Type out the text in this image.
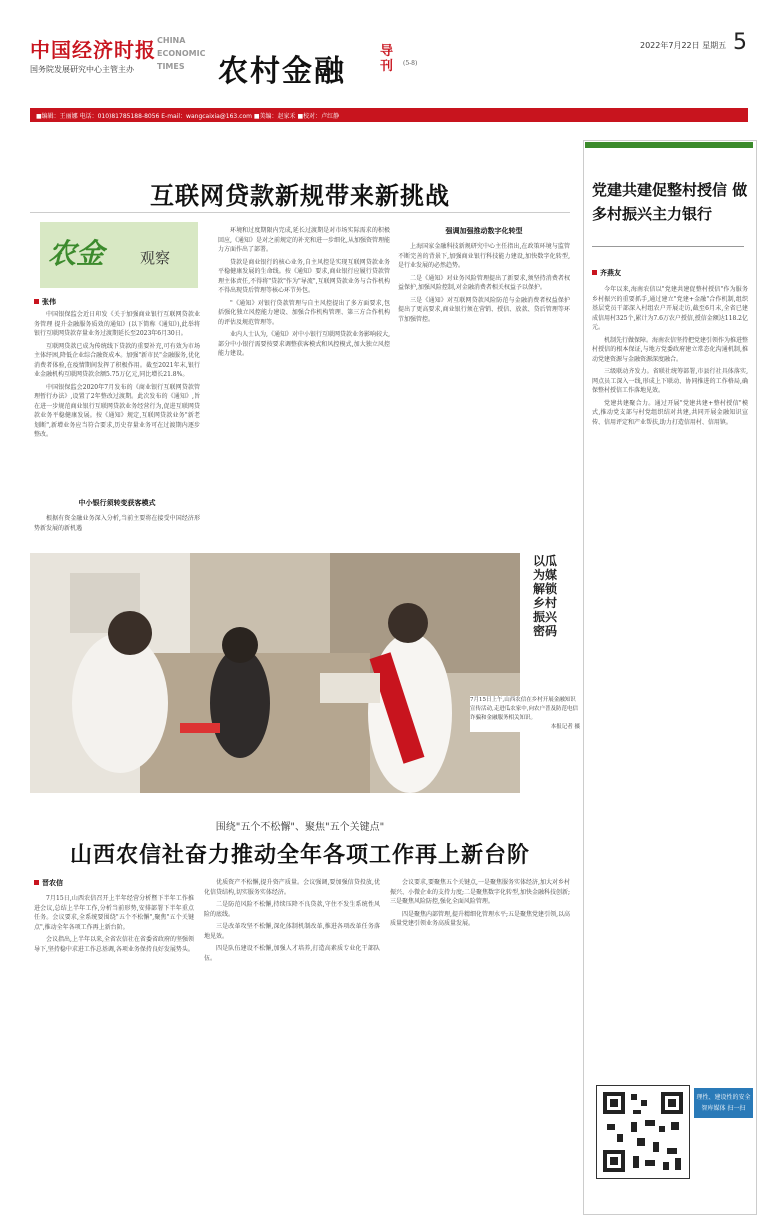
中国经济时报
国务院发展研究中心主管主办
CHINA ECONOMIC TIMES	农村金融
导刊 (5-8)
2022年7月22日 星期五 5
■编辑：王丽娜 电话：010)81785188-8056 E-mail：wangcaixia@163.com ■美编：赵家禾 ■校对：卢红静
党建共建促整村授信 做多村振兴主力银行
齐燕友

今年以来,海南农信以"党建共建促整村授信"作为服务乡村振兴的重要抓手,通过建立"党建+金融"合作机制,组织基层党员干部深入村组农户开展走访,截至6月末,全省已建成信用村325个,累计为7.6万农户授信,授信金额达118.2亿元。

机制先行做保障。海南农信坚持把党建引领作为推进整村授信的根本保证,与地方党委政府建立常态化沟通机制,推动党建资源与金融资源深度融合。

三级联动齐发力。省联社统筹部署,市县行社具体落实,网点员工深入一线,形成上下联动、协同推进的工作格局,确保整村授信工作落地见效。

党建共建聚合力。通过开展"党建共建+整村授信"模式,推动党支部与村党组织结对共建,共同开展金融知识宣传、信用评定和产业帮扶,助力打造信用村、信用镇。

理性、建设性的安全智库媒体 扫一扫
互联网贷款新规带来新挑战
农金 观察
张伟

中国银保监会近日印发《关于加强商业银行互联网贷款业务管理 提升金融服务质效的通知》(以下简称《通知》),此举将银行互联网贷款存量业务过渡期延长至2023年6月30日。

互联网贷款已成为传统线下贷款的重要补充,可有效为市场主体纾困,降低企业综合融资成本。加强"新市民"金融服务,优化消费者体验,在疫情期间发挥了积极作用。截至2021年末,银行业金融机构互联网贷款余额5.75万亿元,同比增长21.8%。

中国银保监会2020年7月发布的《商业银行互联网贷款管理暂行办法》,设置了2年整改过渡期。此次发布的《通知》,旨在进一步规范商业银行互联网贷款业务经营行为,促进互联网贷款业务平稳健康发展。按《通知》规定,互联网贷款业务"新老划断",新增业务应当符合要求,历史存量业务可在过渡期内逐步整改。

中小银行须转变获客模式

根据有资金融业务深入分析,当前主要将在接受中国经济形势新发展的新机遇

环境和过度期限内完成,延长过渡期是对市场实际需求的积极回应,《通知》是对之前规定的补充和进一步细化,从加强资管理能力方面作出了部署。

贷款是商业银行的核心业务,自主风控是实现互联网贷款业务平稳健康发展的生命线。按《通知》要求,商业银行应履行贷款管理主体责任,不得将"贷款"作为"导流",互联网贷款业务与合作机构不得出现贷后管理等核心环节外包。

"《通知》对银行贷款管理与自主风控提出了多方面要求,包括强化独立风控能力建设、加强合作机构管理、第三方合作机构的评估及规范管理等。

业内人士认为,《通知》对中小银行互联网贷款业务影响较大,部分中小银行需要按要求调整获客模式和风控模式,加大独立风控能力建设。

强调加强推动数字化转型

上海国家金融科技新规研究中心主任指出,在政策环境与监管不断完善的背景下,加强商业银行科技能力建设,加快数字化转型,是行业发展的必然趋势。

二是《通知》对业务风险管理提出了新要求,须坚持消费者权益保护,加强风险控制,对金融消费者相关权益予以保护。

三是《通知》对互联网贷款风险防范与金融消费者权益保护提出了更高要求,商业银行须在营销、授信、放款、贷后管理等环节加强管控。

以瓜为媒 解锁乡村振兴密码
7月15日上午,山西农信在乡村开展金融知识宣传活动,走进瓜农家中,向农户普及防范电信诈骗和金融服务相关知识。

本报记者 摄
围绕"五个不松懈"、聚焦"五个关键点"
山西农信社奋力推动全年各项工作再上新台阶
晋农信

7月15日,山西农信召开上半年经营分析暨下半年工作推进会议,总结上半年工作,分析当前形势,安排部署下半年重点任务。会议要求,全系统要围绕"五个不松懈",聚焦"五个关键点",推动全年各项工作再上新台阶。

会议指出,上半年以来,全省农信社在省委省政府的坚强领导下,坚持稳中求进工作总基调,各项业务保持良好发展势头。

优质资产不松懈,提升资产质量。会议强调,要加强信贷投放,优化信贷结构,切实服务实体经济。

二是防范风险不松懈,持续压降不良贷款,守住不发生系统性风险的底线。

三是改革攻坚不松懈,深化体制机制改革,推进各项改革任务落地见效。

四是队伍建设不松懈,加强人才培养,打造高素质专业化干部队伍。

会议要求,要聚焦五个关键点,一是聚焦服务实体经济,加大对乡村振兴、小微企业的支持力度;二是聚焦数字化转型,加快金融科技创新;三是聚焦风险防控,强化全面风险管理。

四是聚焦内部管理,提升精细化管理水平;五是聚焦党建引领,以高质量党建引领业务高质量发展。
